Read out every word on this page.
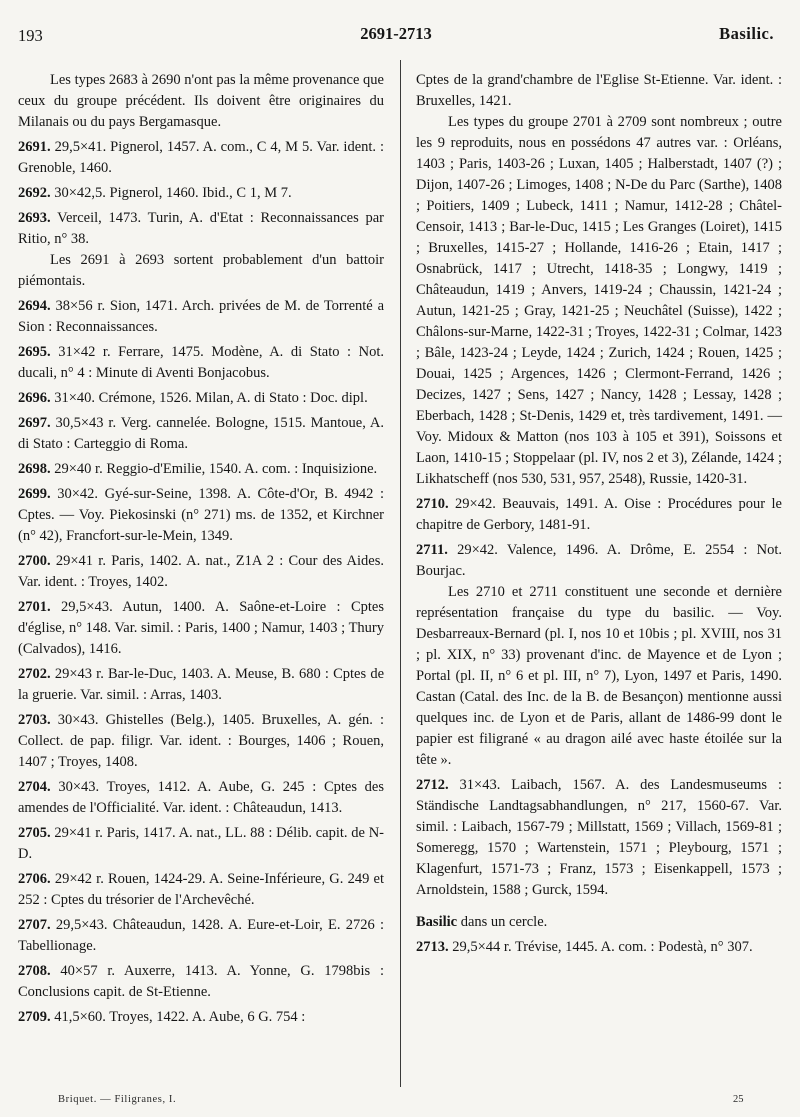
193	2691-2713	Basilic.

Les types 2683 à 2690 n'ont pas la même provenance que ceux du groupe précédent. Ils doivent être originaires du Milanais ou du pays Bergamasque.

2691. 29,5×41. Pignerol, 1457. A. com., C 4, M 5. Var. ident. : Grenoble, 1460.

2692. 30×42,5. Pignerol, 1460. Ibid., C 1, M 7.

2693. Verceil, 1473. Turin, A. d'Etat : Reconnaissances par Ritio, n° 38.

Les 2691 à 2693 sortent probablement d'un battoir piémontais.

2694. 38×56 r. Sion, 1471. Arch. privées de M. de Torrenté a Sion : Reconnaissances.

2695. 31×42 r. Ferrare, 1475. Modène, A. di Stato : Not. ducali, n° 4 : Minute di Aventi Bonjacobus.

2696. 31×40. Crémone, 1526. Milan, A. di Stato : Doc. dipl.

2697. 30,5×43 r. Verg. cannelée. Bologne, 1515. Mantoue, A. di Stato : Carteggio di Roma.

2698. 29×40 r. Reggio-d'Emilie, 1540. A. com. : Inquisizione.

2699. 30×42. Gyé-sur-Seine, 1398. A. Côte-d'Or, B. 4942 : Cptes. — Voy. Piekosinski (n° 271) ms. de 1352, et Kirchner (n° 42), Francfort-sur-le-Mein, 1349.

2700. 29×41 r. Paris, 1402. A. nat., Z1A 2 : Cour des Aides. Var. ident. : Troyes, 1402.

2701. 29,5×43. Autun, 1400. A. Saône-et-Loire : Cptes d'église, n° 148. Var. simil. : Paris, 1400 ; Namur, 1403 ; Thury (Calvados), 1416.

2702. 29×43 r. Bar-le-Duc, 1403. A. Meuse, B. 680 : Cptes de la gruerie. Var. simil. : Arras, 1403.

2703. 30×43. Ghistelles (Belg.), 1405. Bruxelles, A. gén. : Collect. de pap. filigr. Var. ident. : Bourges, 1406 ; Rouen, 1407 ; Troyes, 1408.

2704. 30×43. Troyes, 1412. A. Aube, G. 245 : Cptes des amendes de l'Officialité. Var. ident. : Châteaudun, 1413.

2705. 29×41 r. Paris, 1417. A. nat., LL. 88 : Délib. capit. de N-D.

2706. 29×42 r. Rouen, 1424-29. A. Seine-Inférieure, G. 249 et 252 : Cptes du trésorier de l'Archevêché.

2707. 29,5×43. Châteaudun, 1428. A. Eure-et-Loir, E. 2726 : Tabellionage.

2708. 40×57 r. Auxerre, 1413. A. Yonne, G. 1798bis : Conclusions capit. de St-Etienne.

2709. 41,5×60. Troyes, 1422. A. Aube, 6 G. 754 :

Cptes de la grand'chambre de l'Eglise St-Etienne. Var. ident. : Bruxelles, 1421.

Les types du groupe 2701 à 2709 sont nombreux ; outre les 9 reproduits, nous en possédons 47 autres var. : Orléans, 1403 ; Paris, 1403-26 ; Luxan, 1405 ; Halberstadt, 1407 (?) ; Dijon, 1407-26 ; Limoges, 1408 ; N-De du Parc (Sarthe), 1408 ; Poitiers, 1409 ; Lubeck, 1411 ; Namur, 1412-28 ; Châtel-Censoir, 1413 ; Bar-le-Duc, 1415 ; Les Granges (Loiret), 1415 ; Bruxelles, 1415-27 ; Hollande, 1416-26 ; Etain, 1417 ; Osnabrück, 1417 ; Utrecht, 1418-35 ; Longwy, 1419 ; Châteaudun, 1419 ; Anvers, 1419-24 ; Chaussin, 1421-24 ; Autun, 1421-25 ; Gray, 1421-25 ; Neuchâtel (Suisse), 1422 ; Châlons-sur-Marne, 1422-31 ; Troyes, 1422-31 ; Colmar, 1423 ; Bâle, 1423-24 ; Leyde, 1424 ; Zurich, 1424 ; Rouen, 1425 ; Douai, 1425 ; Argences, 1426 ; Clermont-Ferrand, 1426 ; Decizes, 1427 ; Sens, 1427 ; Nancy, 1428 ; Lessay, 1428 ; Eberbach, 1428 ; St-Denis, 1429 et, très tardivement, 1491. — Voy. Midoux & Matton (nos 103 à 105 et 391), Soissons et Laon, 1410-15 ; Stoppelaar (pl. IV, nos 2 et 3), Zélande, 1424 ; Likhatscheff (nos 530, 531, 957, 2548), Russie, 1420-31.

2710. 29×42. Beauvais, 1491. A. Oise : Procédures pour le chapitre de Gerbory, 1481-91.

2711. 29×42. Valence, 1496. A. Drôme, E. 2554 : Not. Bourjac.

Les 2710 et 2711 constituent une seconde et dernière représentation française du type du basilic. — Voy. Desbarreaux-Bernard (pl. I, nos 10 et 10bis ; pl. XVIII, nos 31 ; pl. XIX, n° 33) provenant d'inc. de Mayence et de Lyon ; Portal (pl. II, n° 6 et pl. III, n° 7), Lyon, 1497 et Paris, 1490. Castan (Catal. des Inc. de la B. de Besançon) mentionne aussi quelques inc. de Lyon et de Paris, allant de 1486-99 dont le papier est filigrané « au dragon ailé avec haste étoilée sur la tête ».

2712. 31×43. Laibach, 1567. A. des Landesmuseums : Ständische Landtagsabhandlungen, n° 217, 1560-67. Var. simil. : Laibach, 1567-79 ; Millstatt, 1569 ; Villach, 1569-81 ; Someregg, 1570 ; Wartenstein, 1571 ; Pleybourg, 1571 ; Klagenfurt, 1571-73 ; Franz, 1573 ; Eisenkappell, 1573 ; Arnoldstein, 1588 ; Gurck, 1594.

Basilic dans un cercle.

2713. 29,5×44 r. Trévise, 1445. A. com. : Podestà, n° 307.

Briquet. — Filigranes, I.	25
